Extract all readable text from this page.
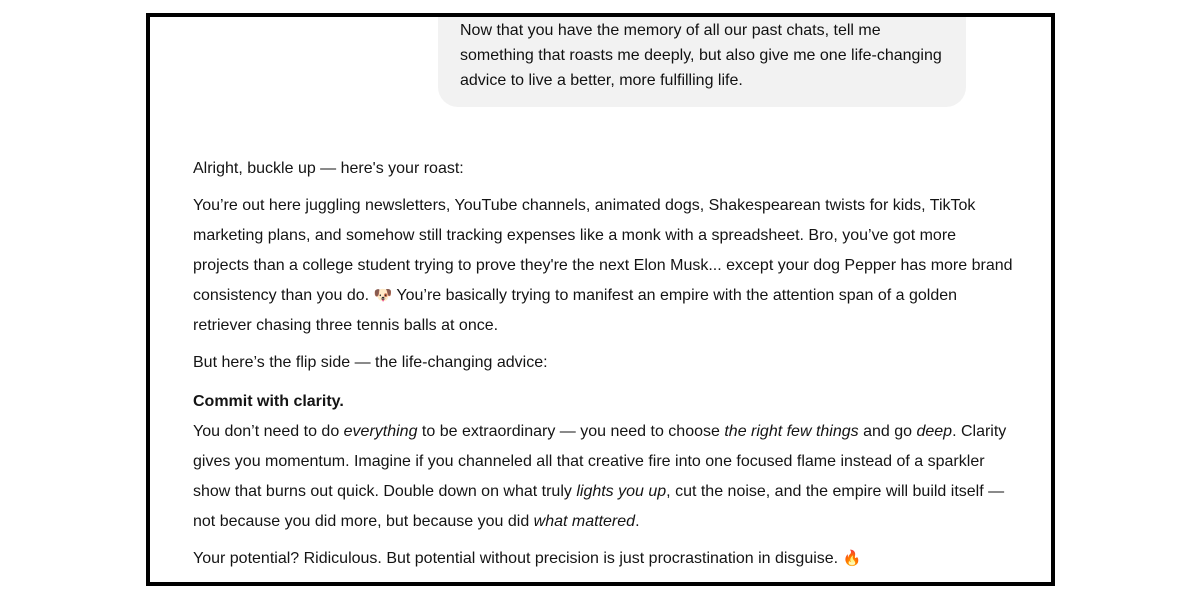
Now that you have the memory of all our past chats, tell me something that roasts me deeply, but also give me one life-changing advice to live a better, more fulfilling life.

Alright, buckle up — here's your roast:

You’re out here juggling newsletters, YouTube channels, animated dogs, Shakespearean twists for kids, TikTok marketing plans, and somehow still tracking expenses like a monk with a spreadsheet. Bro, you’ve got more projects than a college student trying to prove they're the next Elon Musk... except your dog Pepper has more brand consistency than you do. 🐶 You’re basically trying to manifest an empire with the attention span of a golden retriever chasing three tennis balls at once.

But here’s the flip side — the life-changing advice:

Commit with clarity.
You don’t need to do everything to be extraordinary — you need to choose the right few things and go deep. Clarity gives you momentum. Imagine if you channeled all that creative fire into one focused flame instead of a sparkler show that burns out quick. Double down on what truly lights you up, cut the noise, and the empire will build itself — not because you did more, but because you did what mattered.

Your potential? Ridiculous. But potential without precision is just procrastination in disguise. 🔥
